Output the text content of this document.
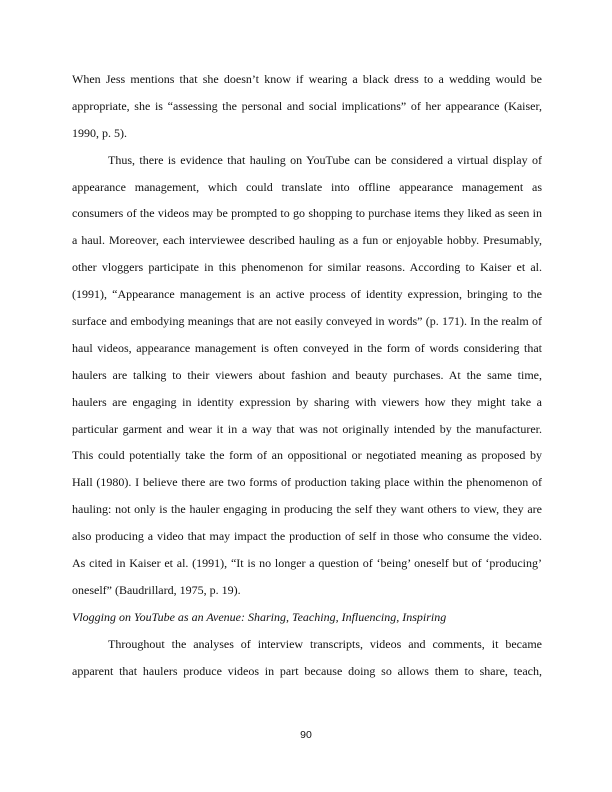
When Jess mentions that she doesn’t know if wearing a black dress to a wedding would be
appropriate, she is “assessing the personal and social implications” of her appearance (Kaiser,
1990, p. 5).
Thus, there is evidence that hauling on YouTube can be considered a virtual display of
appearance management, which could translate into offline appearance management as
consumers of the videos may be prompted to go shopping to purchase items they liked as seen in
a haul. Moreover, each interviewee described hauling as a fun or enjoyable hobby. Presumably,
other vloggers participate in this phenomenon for similar reasons. According to Kaiser et al.
(1991), “Appearance management is an active process of identity expression, bringing to the
surface and embodying meanings that are not easily conveyed in words” (p. 171). In the realm of
haul videos, appearance management is often conveyed in the form of words considering that
haulers are talking to their viewers about fashion and beauty purchases. At the same time,
haulers are engaging in identity expression by sharing with viewers how they might take a
particular garment and wear it in a way that was not originally intended by the manufacturer.
This could potentially take the form of an oppositional or negotiated meaning as proposed by
Hall (1980). I believe there are two forms of production taking place within the phenomenon of
hauling: not only is the hauler engaging in producing the self they want others to view, they are
also producing a video that may impact the production of self in those who consume the video.
As cited in Kaiser et al. (1991), “It is no longer a question of ‘being’ oneself but of ‘producing’
oneself” (Baudrillard, 1975, p. 19).
Vlogging on YouTube as an Avenue: Sharing, Teaching, Influencing, Inspiring
Throughout the analyses of interview transcripts, videos and comments, it became
apparent that haulers produce videos in part because doing so allows them to share, teach,
90
